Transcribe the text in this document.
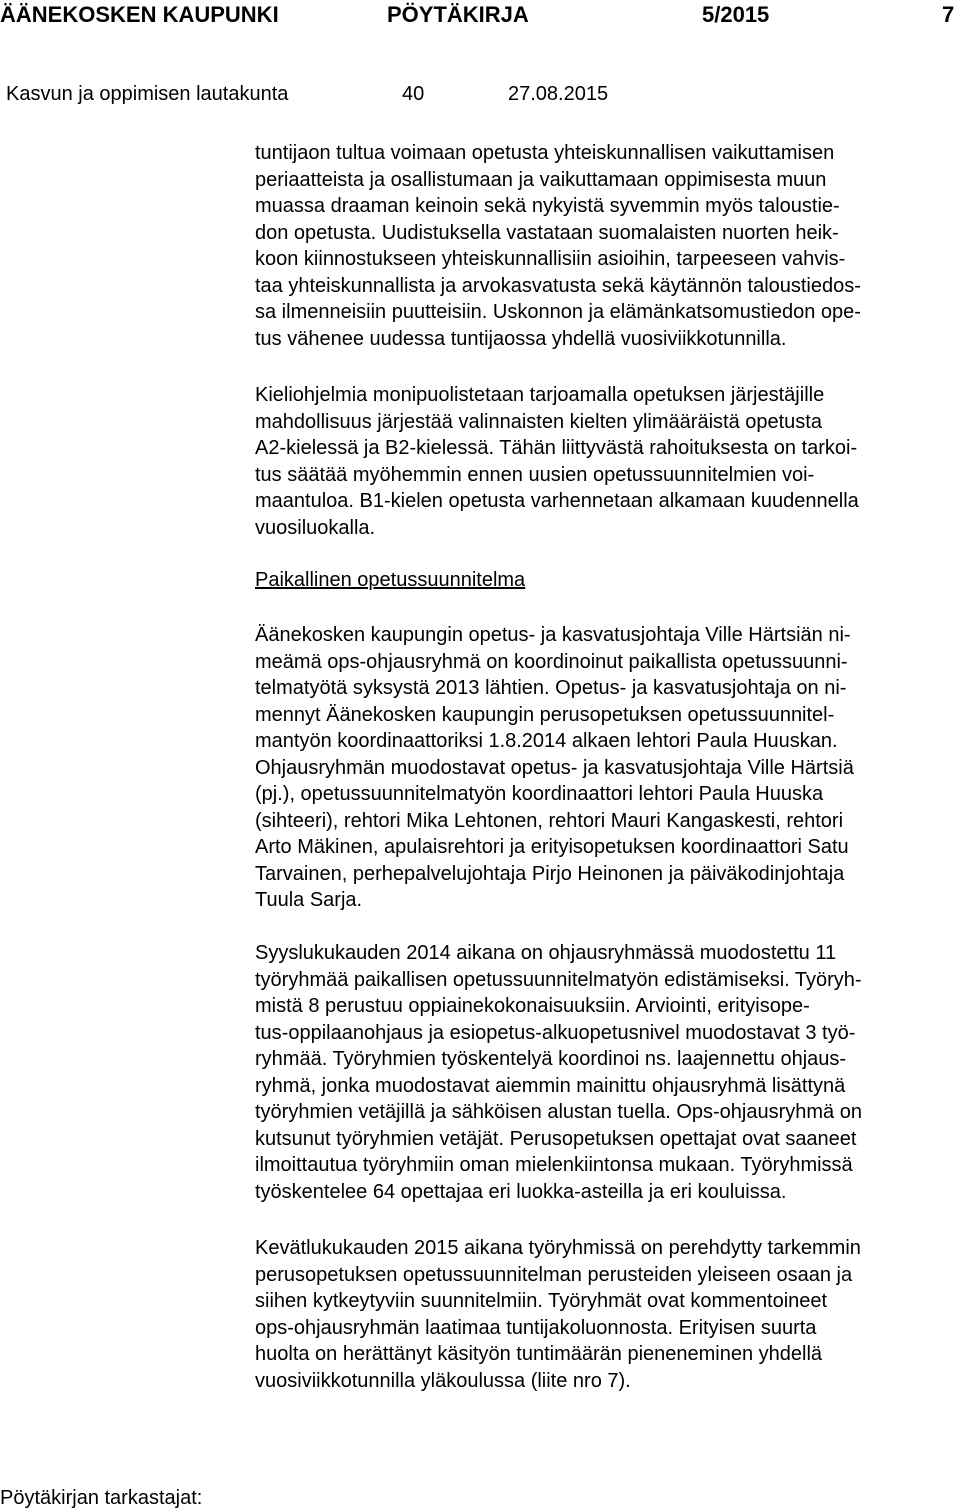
ÄÄNEKOSKEN KAUPUNKI	PÖYTÄKIRJA	5/2015	7
Kasvun ja oppimisen lautakunta	40	27.08.2015
tuntijaon tultua voimaan opetusta yhteiskunnallisen vaikuttamisen
periaatteista ja osallistumaan ja vaikuttamaan oppimisesta muun
muassa draaman keinoin sekä nykyistä syvemmin myös taloustie-
don opetusta. Uudistuksella vastataan suomalaisten nuorten heik-
koon kiinnostukseen yhteiskunnallisiin asioihin, tarpeeseen vahvis-
taa yhteiskunnallista ja arvokasvatusta sekä käytännön taloustiedos-
sa ilmenneisiin puutteisiin. Uskonnon ja elämänkatsomustiedon ope-
tus vähenee uudessa tuntijaossa yhdellä vuosiviikkotunnilla.
Kieliohjelmia monipuolistetaan tarjoamalla opetuksen järjestäjille
mahdollisuus järjestää valinnaisten kielten ylimääräistä opetusta
A2-kielessä ja B2-kielessä. Tähän liittyvästä rahoituksesta on tarkoi-
tus säätää myöhemmin ennen uusien opetussuunnitelmien voi-
maantuloa. B1-kielen opetusta varhennetaan alkamaan kuudennella
vuosiluokalla.
Paikallinen opetussuunnitelma
Äänekosken kaupungin opetus- ja kasvatusjohtaja Ville Härtsiän ni-
meämä ops-ohjausryhmä on koordinoinut paikallista opetussuunni-
telmatyötä syksystä 2013 lähtien. Opetus- ja kasvatusjohtaja on ni-
mennyt Äänekosken kaupungin perusopetuksen opetussuunnitel-
mantyön koordinaattoriksi 1.8.2014 alkaen lehtori Paula Huuskan.
Ohjausryhmän muodostavat opetus- ja kasvatusjohtaja Ville Härtsiä
(pj.), opetussuunnitelmatyön koordinaattori lehtori Paula Huuska
(sihteeri), rehtori Mika Lehtonen, rehtori Mauri Kangaskesti, rehtori
Arto Mäkinen, apulaisrehtori ja erityisopetuksen koordinaattori Satu
Tarvainen, perhepalvelujohtaja Pirjo Heinonen ja päiväkodinjohtaja
Tuula Sarja.
Syyslukukauden 2014 aikana on ohjausryhmässä muodostettu 11
työryhmää paikallisen opetussuunnitelmatyön edistämiseksi. Työryh-
mistä 8 perustuu oppiainekokonaisuuksiin. Arviointi, erityisope-
tus-oppilaanohjaus ja esiopetus-alkuopetusnivel muodostavat 3 työ-
ryhmää. Työryhmien työskentelyä koordinoi ns. laajennettu ohjaus-
ryhmä, jonka muodostavat aiemmin mainittu ohjausryhmä lisättynä
työryhmien vetäjillä ja sähköisen alustan tuella. Ops-ohjausryhmä on
kutsunut työryhmien vetäjät. Perusopetuksen opettajat ovat saaneet
ilmoittautua työryhmiin oman mielenkiintonsa mukaan. Työryhmissä
työskentelee 64 opettajaa eri luokka-asteilla ja eri kouluissa.
Kevätlukukauden 2015 aikana työryhmissä on perehdytty tarkemmin
perusopetuksen opetussuunnitelman perusteiden yleiseen osaan ja
siihen kytkeytyviin suunnitelmiin. Työryhmät ovat kommentoineet
ops-ohjausryhmän laatimaa tuntijakoluonnosta. Erityisen suurta
huolta on herättänyt käsityön tuntimäärän pieneneminen yhdellä
vuosiviikkotunnilla yläkoulussa (liite nro 7).
Pöytäkirjan tarkastajat:
